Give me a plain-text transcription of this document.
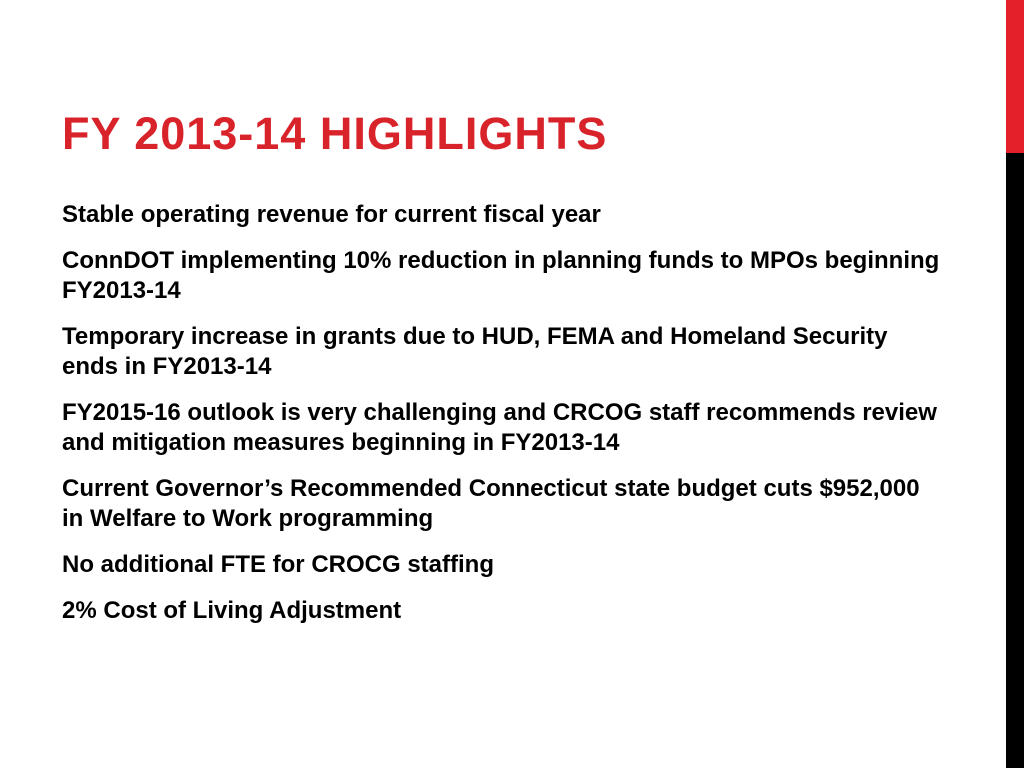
FY 2013-14 HIGHLIGHTS
Stable operating revenue for current fiscal year
ConnDOT implementing 10% reduction in planning funds to MPOs beginning FY2013-14
Temporary increase in grants due to HUD, FEMA and Homeland Security ends in FY2013-14
FY2015-16 outlook is very challenging and CRCOG staff recommends review and mitigation measures beginning in FY2013-14
Current Governor’s Recommended Connecticut state budget cuts $952,000 in Welfare to Work programming
No additional FTE for CROCG staffing
2% Cost of Living Adjustment
